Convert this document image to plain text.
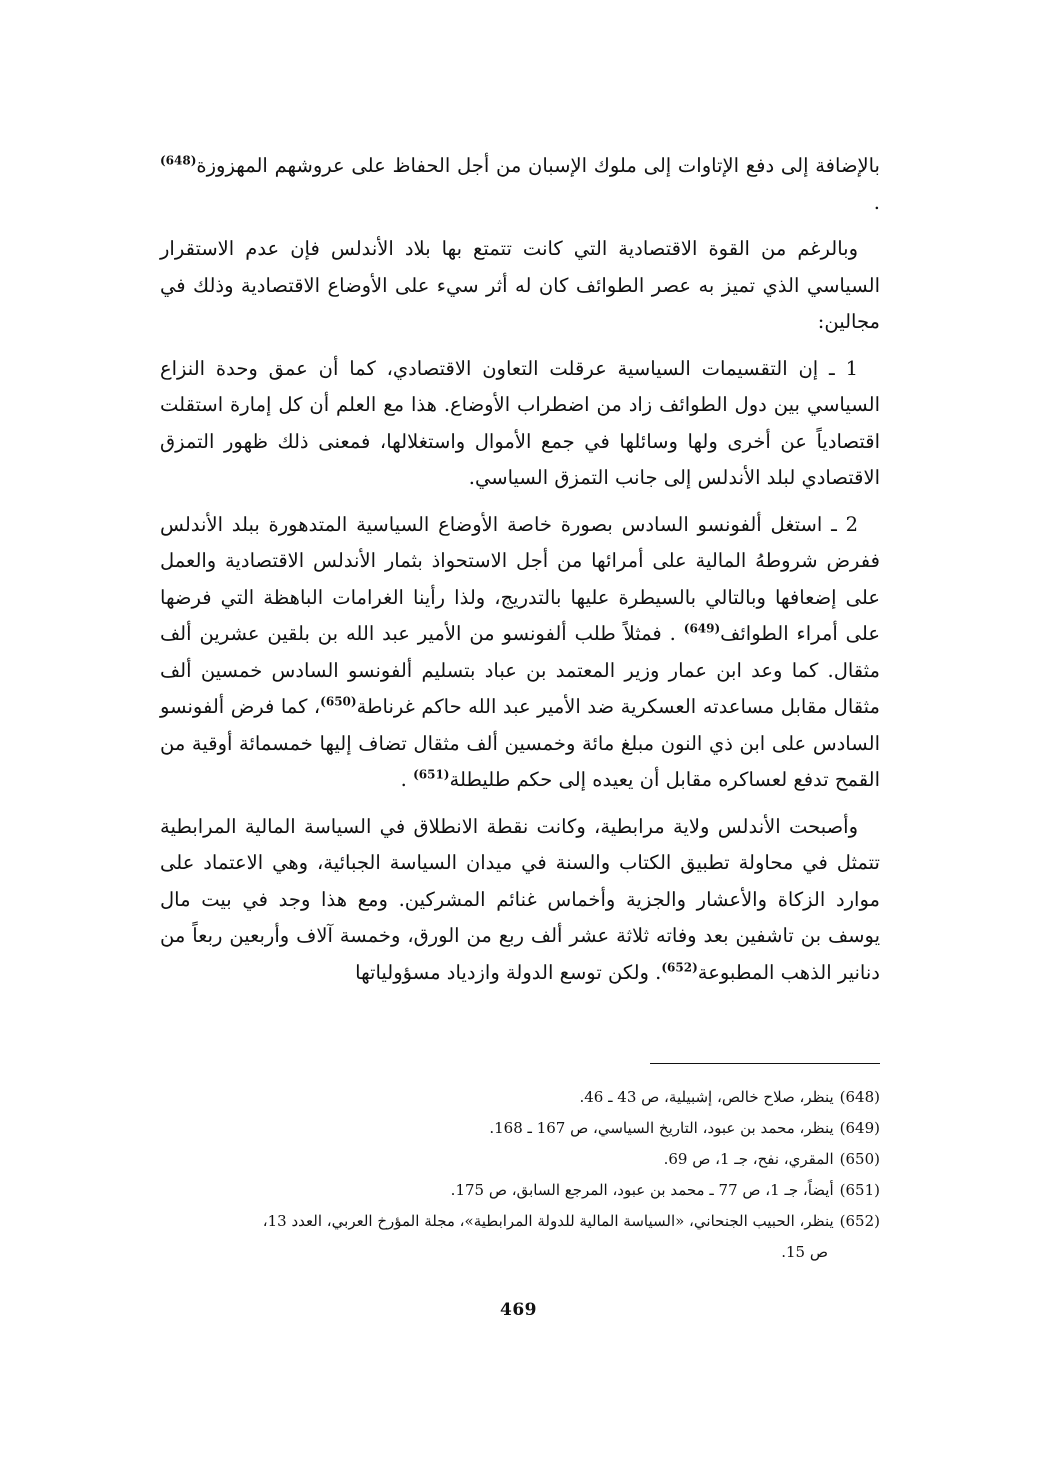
بالإضافة إلى دفع الإتاوات إلى ملوك الإسبان من أجل الحفاظ على عروشهم المهزوزة$^{(648)}$ .

وبالرغم من القوة الاقتصادية التي كانت تتمتع بها بلاد الأندلس فإن عدم الاستقرار السياسي الذي تميز به عصر الطوائف كان له أثر سيء على الأوضاع الاقتصادية وذلك في مجالين:

1 ـ إن التقسيمات السياسية عرقلت التعاون الاقتصادي، كما أن عمق وحدة النزاع السياسي بين دول الطوائف زاد من اضطراب الأوضاع. هذا مع العلم أن كل إمارة استقلت اقتصادياً عن أخرى ولها وسائلها في جمع الأموال واستغلالها، فمعنى ذلك ظهور التمزق الاقتصادي لبلد الأندلس إلى جانب التمزق السياسي.

2 ـ استغل ألفونسو السادس بصورة خاصة الأوضاع السياسية المتدهورة ببلد الأندلس ففرض شروطهُ المالية على أمرائها من أجل الاستحواذ بثمار الأندلس الاقتصادية والعمل على إضعافها وبالتالي بالسيطرة عليها بالتدريج، ولذا رأينا الغرامات الباهظة التي فرضها على أمراء الطوائف$^{(649)}$ . فمثلاً طلب ألفونسو من الأمير عبد الله بن بلقين عشرين ألف مثقال. كما وعد ابن عمار وزير المعتمد بن عباد بتسليم ألفونسو السادس خمسين ألف مثقال مقابل مساعدته العسكرية ضد الأمير عبد الله حاكم غرناطة$^{(650)}$، كما فرض ألفونسو السادس على ابن ذي النون مبلغ مائة وخمسين ألف مثقال تضاف إليها خمسمائة أوقية من القمح تدفع لعساكره مقابل أن يعيده إلى حكم طليطلة$^{(651)}$ .

وأصبحت الأندلس ولاية مرابطية، وكانت نقطة الانطلاق في السياسة المالية المرابطية تتمثل في محاولة تطبيق الكتاب والسنة في ميدان السياسة الجبائية، وهي الاعتماد على موارد الزكاة والأعشار والجزية وأخماس غنائم المشركين. ومع هذا وجد في بيت مال يوسف بن تاشفين بعد وفاته ثلاثة عشر ألف ربع من الورق، وخمسة آلاف وأربعين ربعاً من دنانير الذهب المطبوعة$^{(652)}$. ولكن توسع الدولة وازدياد مسؤولياتها

(648)ينظر، صلاح خالص، إشبيلية، ص 43 ـ 46.

(649)ينظر، محمد بن عبود، التاريخ السياسي، ص 167 ـ 168.

(650)المقري، نفح، جـ 1، ص 69.

(651)أيضاً، جـ 1، ص 77 ـ محمد بن عبود، المرجع السابق، ص 175.

(652)ينظر، الحبيب الجنحاني، «السياسة المالية للدولة المرابطية»، مجلة المؤرخ العربي، العدد 13،

ص 15.

469
